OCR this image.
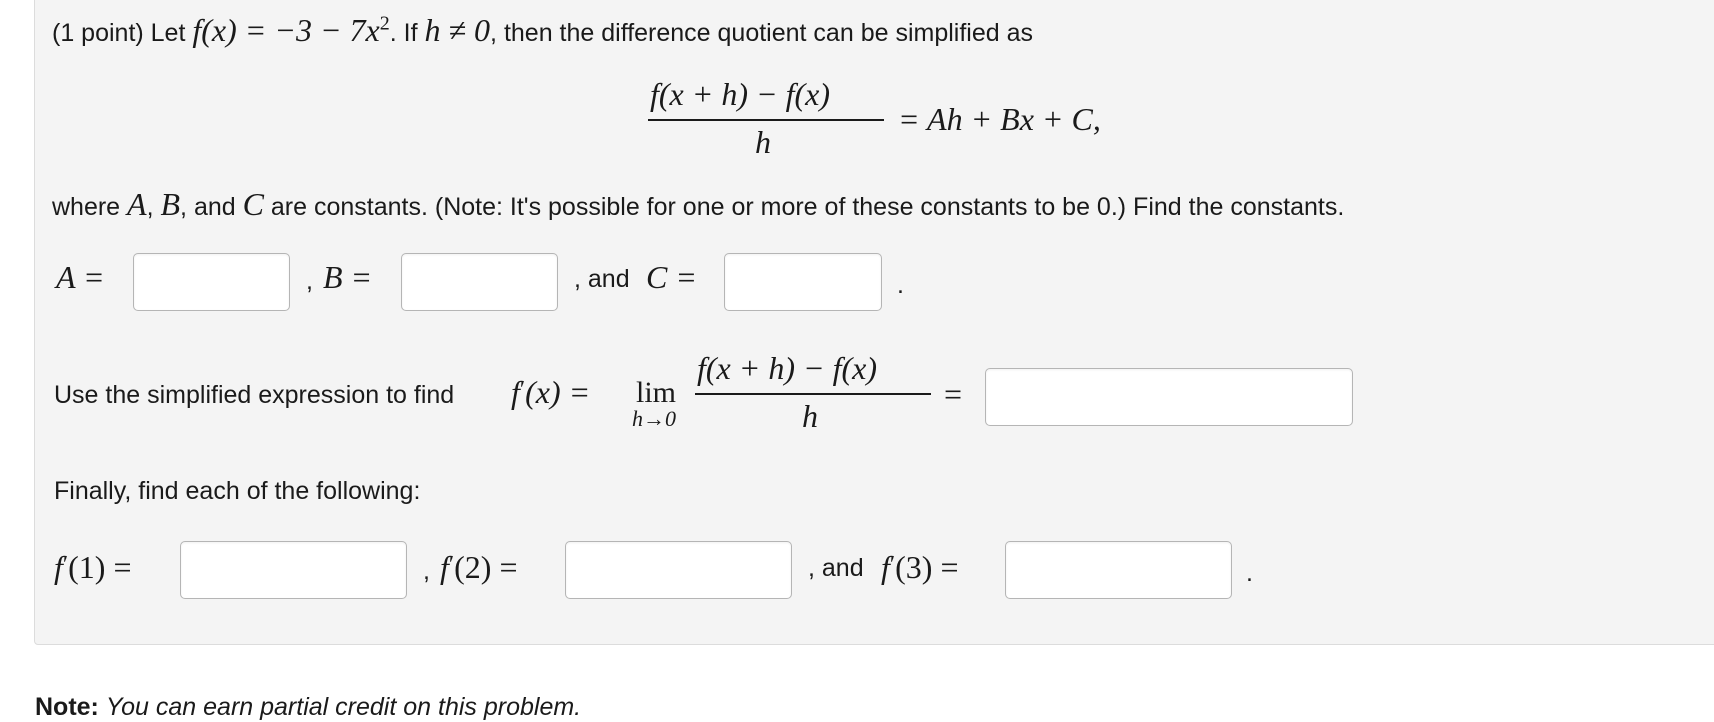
(1 point) Let $f(x) = -3 - 7x^2$. If h ≠ 0, then the difference quotient can be simplified as
f(x + h) − f(x)
h
= Ah + Bx + C,
where A, B, and C are constants. (Note: It's possible for one or more of these constants to be 0.) Find the constants.
A =	, B =	, and C =	.
Use the simplified expression to find f′(x) = lim
h→0
f(x + h) − f(x)
h
=
Finally, find each of the following:
f′(1) =	, f′(2) =	, and f′(3) =	.
Note: You can earn partial credit on this problem.
